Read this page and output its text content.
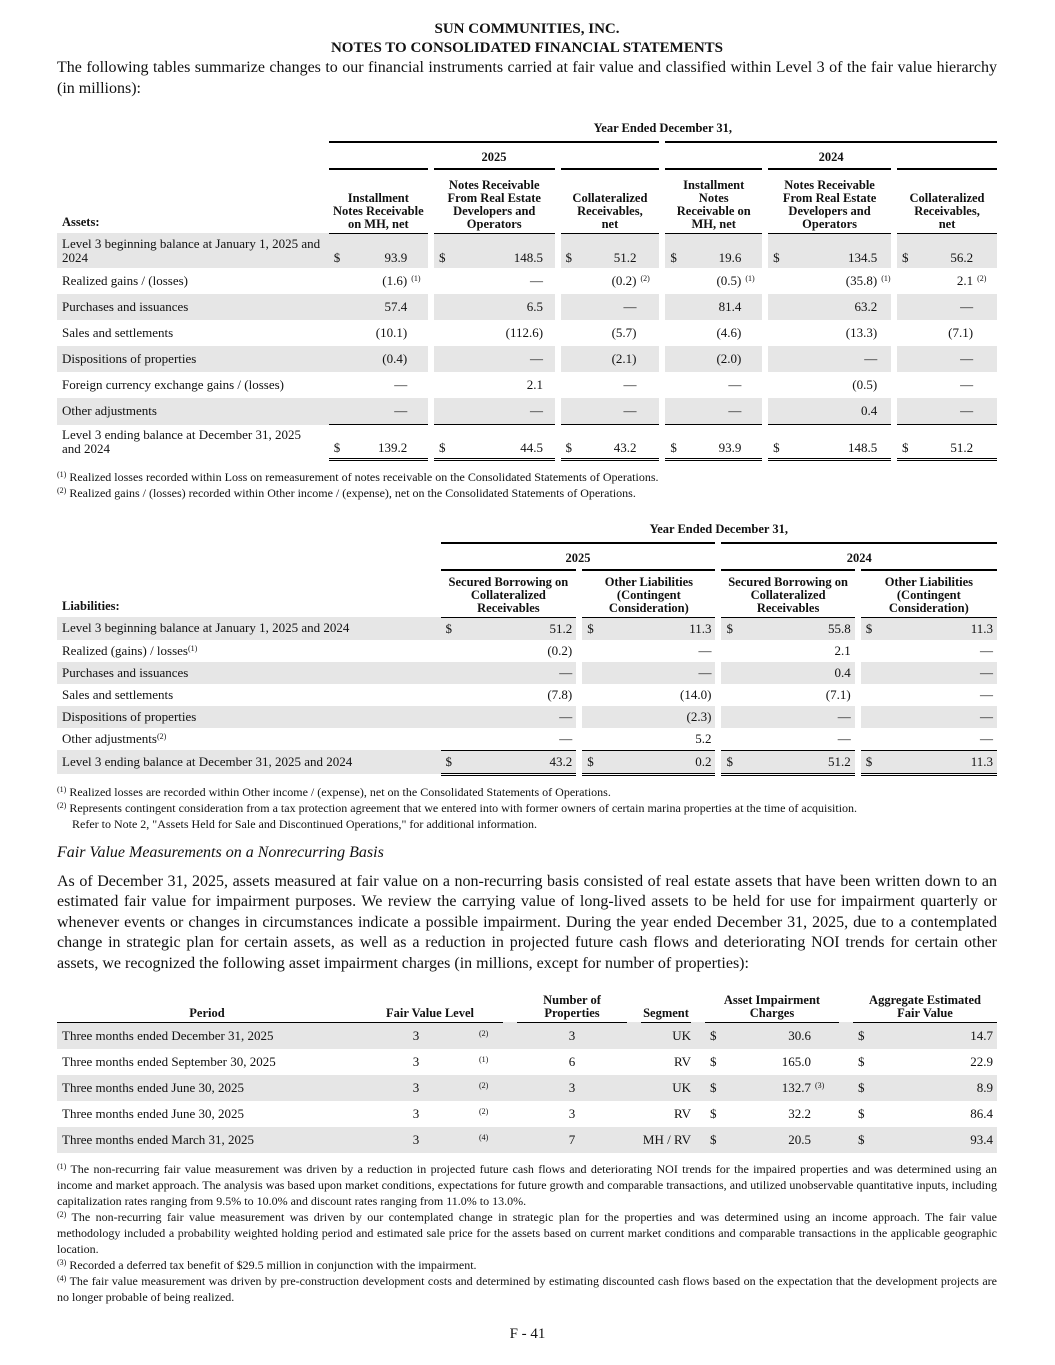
SUN COMMUNITIES, INC.
NOTES TO CONSOLIDATED FINANCIAL STATEMENTS

The following tables summarize changes to our financial instruments carried at fair value and classified within Level 3 of the fair value hierarchy (in millions):

	Year Ended December 31,																	
	2025									2024								
Assets:	Installment Notes Receivable on MH, net			Notes Receivable From Real Estate Developers and Operators			Collateralized Receivables, net			Installment Notes Receivable on MH, net			Notes Receivable From Real Estate Developers and Operators			Collateralized Receivables, net		
Level 3 beginning balance at January 1, 2025 and 2024	$	93.9		$	148.5		$	51.2		$	19.6		$	134.5		$	56.2	
Realized gains / (losses)		(1.6)	(1)		—			(0.2)	(2)		(0.5)	(1)		(35.8)	(1)		2.1	(2)
Purchases and issuances		57.4			6.5			—			81.4			63.2			—	
Sales and settlements		(10.1)			(112.6)			(5.7)			(4.6)			(13.3)			(7.1)	
Dispositions of properties		(0.4)			—			(2.1)			(2.0)			—			—	
Foreign currency exchange gains / (losses)		—			2.1			—			—			(0.5)			—	
Other adjustments		—			—			—			—			0.4			—	
Level 3 ending balance at December 31, 2025 and 2024	$	139.2		$	44.5		$	43.2		$	93.9		$	148.5		$	51.2	
$^{(1)}$ Realized losses recorded within Loss on remeasurement of notes receivable on the Consolidated Statements of Operations.
$^{(2)}$ Realized gains / (losses) recorded within Other income / (expense), net on the Consolidated Statements of Operations.
	Year Ended December 31,							
	2025				2024			
Liabilities:	Secured Borrowing on Collateralized Receivables		Other Liabilities (Contingent Consideration)		Secured Borrowing on Collateralized Receivables		Other Liabilities (Contingent Consideration)	
Level 3 beginning balance at January 1, 2025 and 2024	$	51.2	$	11.3	$	55.8	$	11.3
Realized (gains) / losses$^{(1)}$		(0.2)		—		2.1		—
Purchases and issuances		—		—		0.4		—
Sales and settlements		(7.8)		(14.0)		(7.1)		—
Dispositions of properties		—		(2.3)		—		—
Other adjustments$^{(2)}$		—		5.2		—		—
Level 3 ending balance at December 31, 2025 and 2024	$	43.2	$	0.2	$	51.2	$	11.3
$^{(1)}$ Realized losses are recorded within Other income / (expense), net on the Consolidated Statements of Operations.
$^{(2)}$ Represents contingent consideration from a tax protection agreement that we entered into with former owners of certain marina properties at the time of acquisition.
Refer to Note 2, "Assets Held for Sale and Discontinued Operations," for additional information.
Fair Value Measurements on a Nonrecurring Basis

As of December 31, 2025, assets measured at fair value on a non-recurring basis consisted of real estate assets that have been written down to an estimated fair value for impairment purposes. We review the carrying value of long-lived assets to be held for use for impairment quarterly or whenever events or changes in circumstances indicate a possible impairment. During the year ended December 31, 2025, due to a contemplated change in strategic plan for certain assets, as well as a reduction in projected future cash flows and deteriorating NOI trends for certain other assets, we recognized the following asset impairment charges (in millions, except for number of properties):

Period	Fair Value Level			Number of Properties		Segment		Asset Impairment Charges				Aggregate Estimated Fair Value	
Three months ended December 31, 2025	3	(2)		3		UK		$	30.6			$	14.7
Three months ended September 30, 2025	3	(1)		6		RV		$	165.0			$	22.9
Three months ended June 30, 2025	3	(2)		3		UK		$	132.7	(3)		$	8.9
Three months ended June 30, 2025	3	(2)		3		RV		$	32.2			$	86.4
Three months ended March 31, 2025	3	(4)		7		MH / RV		$	20.5			$	93.4
$^{(1)}$ The non-recurring fair value measurement was driven by a reduction in projected future cash flows and deteriorating NOI trends for the impaired properties and was determined using an income and market approach. The analysis was based upon market conditions, expectations for future growth and comparable transactions, and utilized unobservable quantitative inputs, including capitalization rates ranging from 9.5% to 10.0% and discount rates ranging from 11.0% to 13.0%.
$^{(2)}$ The non-recurring fair value measurement was driven by our contemplated change in strategic plan for the properties and was determined using an income approach. The fair value methodology included a probability weighted holding period and estimated sale price for the assets based on current market conditions and comparable transactions in the applicable geographic location.
$^{(3)}$ Recorded a deferred tax benefit of $29.5 million in conjunction with the impairment.
$^{(4)}$ The fair value measurement was driven by pre-construction development costs and determined by estimating discounted cash flows based on the expectation that the development projects are no longer probable of being realized.
F - 41
